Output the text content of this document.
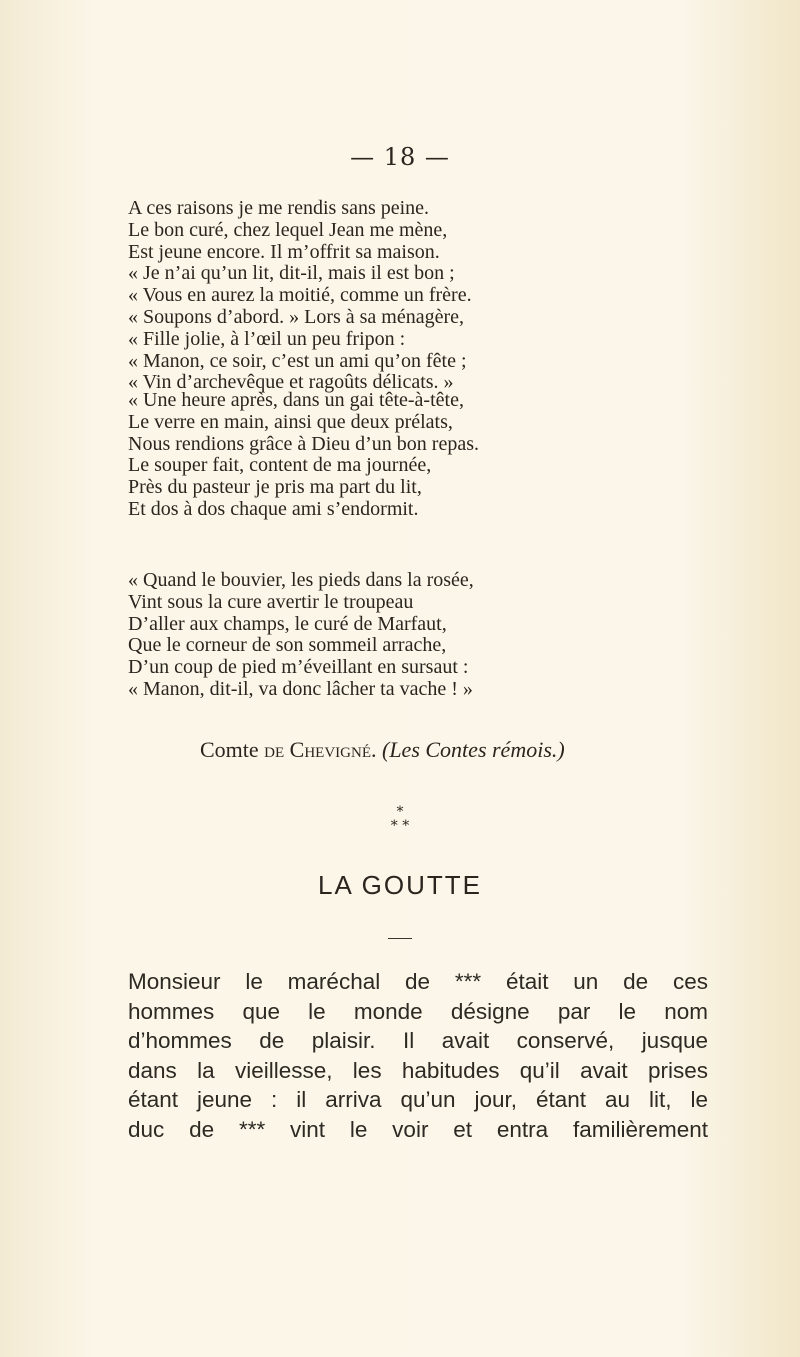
— 18 —
A ces raisons je me rendis sans peine.
Le bon curé, chez lequel Jean me mène,
Est jeune encore. Il m’offrit sa maison.
« Je n’ai qu’un lit, dit-il, mais il est bon ;
« Vous en aurez la moitié, comme un frère.
« Soupons d’abord. » Lors à sa ménagère,
« Fille jolie, à l’œil un peu fripon :
« Manon, ce soir, c’est un ami qu’on fête ;
« Vin d’archevêque et ragoûts délicats. »
« Une heure après, dans un gai tête-à-tête,
Le verre en main, ainsi que deux prélats,
Nous rendions grâce à Dieu d’un bon repas.
Le souper fait, content de ma journée,
Près du pasteur je pris ma part du lit,
Et dos à dos chaque ami s’endormit.
« Quand le bouvier, les pieds dans la rosée,
Vint sous la cure avertir le troupeau
D’aller aux champs, le curé de Marfaut,
Que le corneur de son sommeil arrache,
D’un coup de pied m’éveillant en sursaut :
« Manon, dit-il, va donc lâcher ta vache ! »
Comte de Chevigné. (Les Contes rémois.)
*
* *
LA GOUTTE
Monsieur le maréchal de *** était un de ces
hommes que le monde désigne par le nom
d’hommes de plaisir. Il avait conservé, jusque
dans la vieillesse, les habitudes qu’il avait prises
étant jeune : il arriva qu’un jour, étant au lit, le
duc de *** vint le voir et entra familièrement
